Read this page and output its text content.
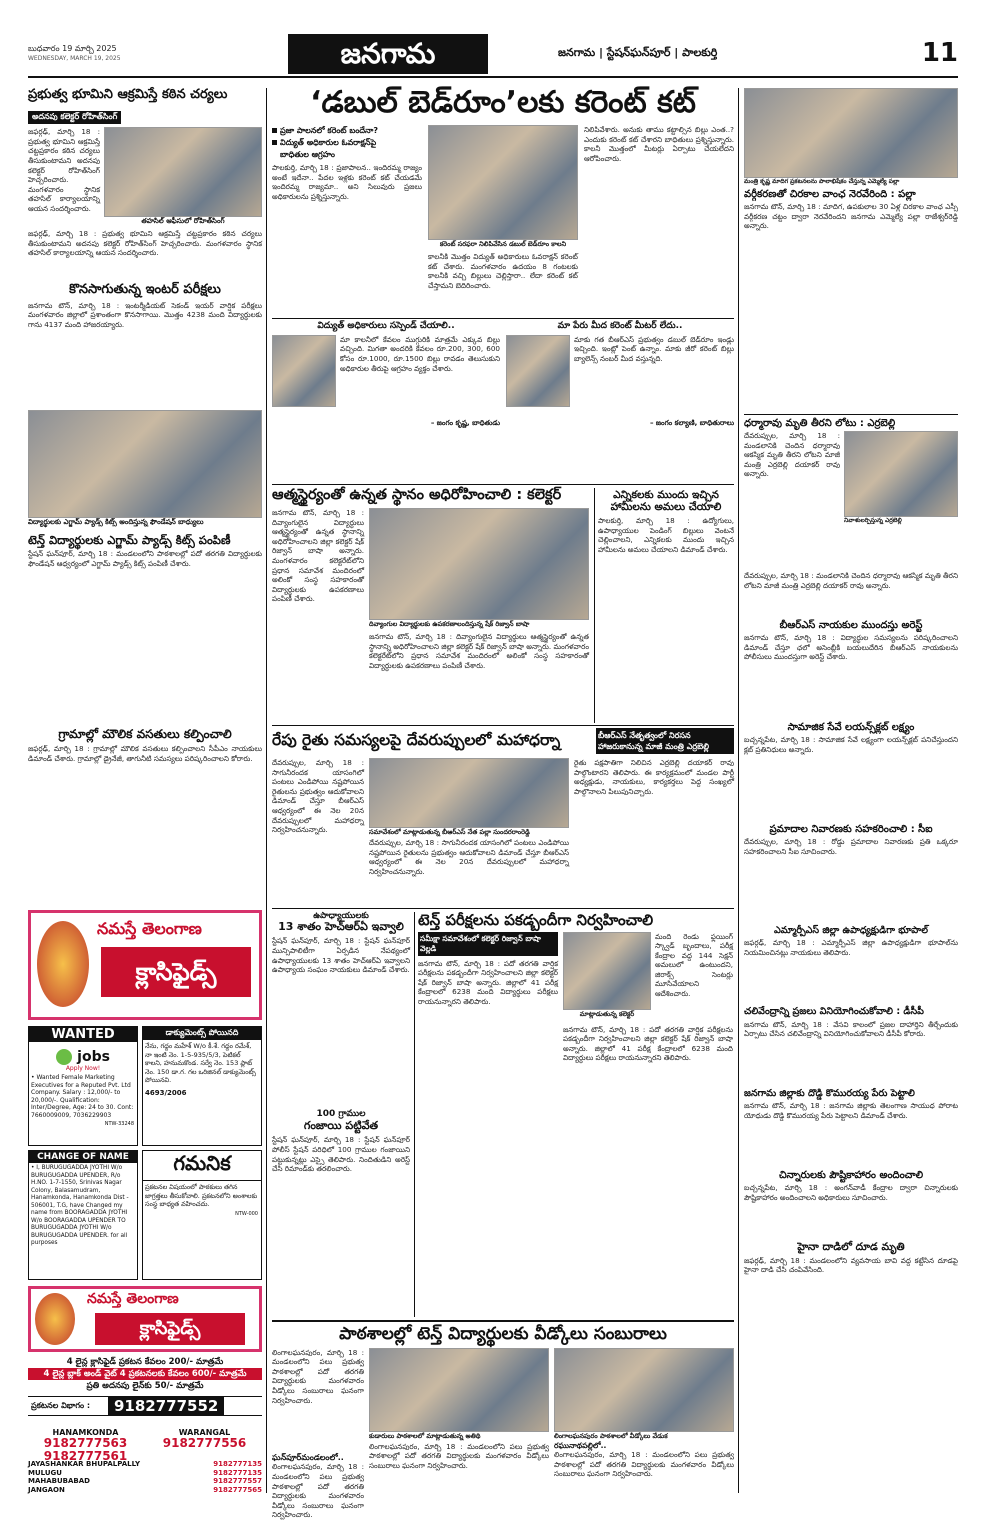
బుధవారం 19 మార్చి 2025
WEDNESDAY, MARCH 19, 2025	జనగామ	జనగామ | స్టేషన్‌ఘన్‌పూర్ | పాలకుర్తి	11
ప్రభుత్వ భూమిని ఆక్రమిస్తే కఠిన చర్యలు
అదనపు కలెక్టర్ రోహిత్‌సింగ్
జఫర్గఢ్, మార్చి 18 : ప్రభుత్వ భూమిని ఆక్రమిస్తే చట్టప్రకారం కఠిన చర్యలు తీసుకుంటామని అదనపు కలెక్టర్ రోహిత్‌సింగ్ హెచ్చరించారు. మంగళవారం స్థానిక తహసిల్ కార్యాలయాన్ని ఆయన సందర్శించారు.
తహసిల్ ఆఫీసులో రోహిత్‌సింగ్
జఫర్గఢ్, మార్చి 18 : ప్రభుత్వ భూమిని ఆక్రమిస్తే చట్టప్రకారం కఠిన చర్యలు తీసుకుంటామని అదనపు కలెక్టర్ రోహిత్‌సింగ్ హెచ్చరించారు. మంగళవారం స్థానిక తహసిల్ కార్యాలయాన్ని ఆయన సందర్శించారు.
కొనసాగుతున్న ఇంటర్ పరీక్షలు
జనగామ టౌన్, మార్చి 18 : ఇంటర్మీడియట్ సెకండ్ ఇయర్ వార్షిక పరీక్షలు మంగళవారం జిల్లాలో ప్రశాంతంగా కొనసాగాయి. మొత్తం 4238 మంది విద్యార్థులకు గాను 4137 మంది హాజరయ్యారు.
విద్యార్థులకు ఎగ్జామ్ ప్యాడ్స్ కిట్స్ అందిస్తున్న ఫౌండేషన్ బాధ్యులు
టెన్త్ విద్యార్థులకు ఎగ్జామ్ ప్యాడ్స్ కిట్స్ పంపిణీ
స్టేషన్ ఘన్‌పూర్, మార్చి 18 : మండలంలోని పాఠశాలల్లో పదో తరగతి విద్యార్థులకు ఫౌండేషన్ ఆధ్వర్యంలో ఎగ్జామ్ ప్యాడ్స్ కిట్స్ పంపిణీ చేశారు.
గ్రామాల్లో మౌలిక వసతులు కల్పించాలి
జఫర్గఢ్, మార్చి 18 : గ్రామాల్లో మౌలిక వసతులు కల్పించాలని సీపీఎం నాయకులు డిమాండ్ చేశారు. గ్రామాల్లో డ్రైనేజీ, తాగునీటి సమస్యలు పరిష్కరించాలని కోరారు.
నమస్తే తెలంగాణ
క్లాసిఫైడ్స్
WANTED
jobs
Apply Now!
• Wanted Female Marketing Executives for a Reputed Pvt. Ltd Company. Salary : 12,000/- to 20,000/-. Qualification: Inter/Degree, Age: 24 to 30. Cont: 7660009009, 7036229903
NTW-33248
డాక్యుమెంట్స్ పోయినది
నేను, గద్దం మహేశ్ W/o కీ.శే. గద్దం రమేశ్, నా ఇంటి నెం. 1-5-935/5/3, పెటికల్ కాలని, హనుమకొండ. సర్వే నెం. 153 ప్లాట్ నెం. 150 డా.గ. గల ఒరిజినల్ డాక్యుమెంట్స్ పోయినవి.
4693/2006
CHANGE OF NAME
• I, BURUGUGADDA JYOTHI W/o BURUGUGADDA UPENDER, R/o H.NO. 1-7-1550, Srinivas Nagar Colony, Balasamudram, Hanamkonda, Hanamkonda Dist - 506001, T.G, have Changed my name from BOORAGADDA JYOTHI W/o BOORAGADDA UPENDER TO BURUGUGADDA JYOTHI W/o BURUGUGADDA UPENDER. for all purposes
గమనిక
ప్రకటనల విషయంలో పాఠకులు తగిన జాగ్రత్తలు తీసుకోవాలి. ప్రకటనలోని అంశాలకు సంస్థ బాధ్యత వహించదు.
NTW-000
నమస్తే తెలంగాణ
క్లాసిఫైడ్స్
4 లైన్ల క్లాసిఫైడ్ ప్రకటన కేవలం 200/- మాత్రమే
4 లైన్ల బ్లాక్ అండ్ వైట్ 4 ప్రకటనలకు కేవలం 600/- మాత్రమే
ప్రతి అదనపు లైన్‌కు 50/- మాత్రమే
ప్రకటనల విభాగం :	9182777552
HANAMKONDA
9182777563
9182777561
WARANGAL
9182777556
JAYASHANKAR BHUPALPALLY	9182777135
MULUGU	9182777135
MAHABUBABAD	9182777557
JANGAON	9182777565
‘డబుల్ బెడ్‌రూం’లకు కరెంట్ కట్
ప్రజా పాలనలో కరెంట్ బందేనా?
విద్యుత్ అధికారుల ఓవరాక్షన్‌పై
బాధితుల ఆగ్రహం
పాలకుర్తి, మార్చి 18 : ప్రజాపాలన.. ఇందిరమ్మ రాజ్యం అంటే ఇదేనా.. పేదల ఇళ్లకు కరెంట్ కట్ చేయడమే ఇందిరమ్మ రాజ్యమా.. అని సిలువురు ప్రజలు అధికారులను ప్రశ్నిస్తున్నారు.
కరెంట్ సరఫరా నిలిపివేసిన డబుల్ బెడ్‌రూం కాలని
కాలనీకి మొత్తం విద్యుత్ అధికారులు ఓవరాక్షన్ కరెంట్ కట్ చేశారు. మంగళవారం ఉదయం 8 గంటలకు కాలనీకి వచ్చి బిల్లులు చెల్లిస్తారా.. లేదా కరెంట్ కట్ చేస్తామని బెదిరించారు.
నిలిపివేశారు. అనుకు తాము కట్టాల్సిన బిల్లు ఎంత..? ఎందుకు కరెంట్ కట్ చేశారని బాధితులు ప్రశ్నిస్తున్నారు. కాలనీ మొత్తంలో మీటర్లు ఏర్పాటు చేయలేదని ఆరోపించారు.
విద్యుత్ అధికారులు సస్పెండ్ చేయాలి..
మా కాలనీలో కేవలం ముగ్గురికి మాత్రమే ఎక్కువ బిల్లు వచ్చింది. మిగతా అందరికి కేవలం రూ.200, 300, 600 కోసం రూ.1000, రూ.1500 బిల్లు రావడం తెలుసుకుని అధికారుల తీరుపై ఆగ్రహం వ్యక్తం చేశారు.
– జంగం కృష్ణ, బాధితుడు
మా పేరు మీద కరెంట్ మీటర్ లేదు..
మాకు గత బీఆర్ఎస్ ప్రభుత్వం డబుల్ బెడ్‌రూం ఇండ్లు ఇచ్చింది. ఇంట్లో పెంట్ ఉన్నాం. మాకు జీరో కరెంట్ బిల్లు బ్యాలెన్స్ నంబర్ మీద వస్తున్నది.
– జంగం కల్యాణి, బాధితురాలు
ఆత్మస్థైర్యంతో ఉన్నత స్థానం అధిరోహించాలి : కలెక్టర్
జనగామ టౌన్, మార్చి 18 : దివ్యాంగులైన విద్యార్థులు ఆత్మస్థైర్యంతో ఉన్నత స్థానాన్ని అధిరోహించాలని జిల్లా కలెక్టర్ షేక్ రిజ్వాన్ బాషా అన్నారు. మంగళవారం కలెక్టరేట్‌లోని ప్రధాన సమావేశ మందిరంలో అలింకో సంస్థ సహకారంతో విద్యార్థులకు ఉపకరణాలు పంపిణీ చేశారు.
దివ్యాంగుల విద్యార్థులకు ఉపకరణాలందిస్తున్న షేక్ రిజ్వాన్ బాషా
జనగామ టౌన్, మార్చి 18 : దివ్యాంగులైన విద్యార్థులు ఆత్మస్థైర్యంతో ఉన్నత స్థానాన్ని అధిరోహించాలని జిల్లా కలెక్టర్ షేక్ రిజ్వాన్ బాషా అన్నారు. మంగళవారం కలెక్టరేట్‌లోని ప్రధాన సమావేశ మందిరంలో అలింకో సంస్థ సహకారంతో విద్యార్థులకు ఉపకరణాలు పంపిణీ చేశారు.
ఎన్నికలకు ముందు ఇచ్చిన హామీలను అమలు చేయాలి
పాలకుర్తి, మార్చి 18 : ఉద్యోగులు, ఉపాధ్యాయుల పెండింగ్ బిల్లులు వెంటనే చెల్లించాలని, ఎన్నికలకు ముందు ఇచ్చిన హామీలను అమలు చేయాలని డిమాండ్ చేశారు.
రేపు రైతు సమస్యలపై దేవరుప్పులలో మహాధర్నా	బీఆర్ఎస్ నేతృత్వంలో నిరసన హాజరుకానున్న మాజీ మంత్రి ఎర్రబెల్లి
దేవరుప్పుల, మార్చి 18 : సాగునీరందక యాసంగిలో పంటలు ఎండిపోయి నష్టపోయిన రైతులను ప్రభుత్వం ఆదుకోవాలని డిమాండ్ చేస్తూ బీఆర్ఎస్ ఆధ్వర్యంలో ఈ నెల 20న దేవరుప్పులలో మహాధర్నా నిర్వహించనున్నారు.	సమావేశంలో మాట్లాడుతున్న బీఆర్ఎస్ నేత పల్లా సుందరరాంరెడ్డి
దేవరుప్పుల, మార్చి 18 : సాగునీరందక యాసంగిలో పంటలు ఎండిపోయి నష్టపోయిన రైతులను ప్రభుత్వం ఆదుకోవాలని డిమాండ్ చేస్తూ బీఆర్ఎస్ ఆధ్వర్యంలో ఈ నెల 20న దేవరుప్పులలో మహాధర్నా నిర్వహించనున్నారు.
రైతు పక్షపాతిగా నిలిచిన ఎర్రబెల్లి దయాకర్ రావు పాల్గొంటారని తెలిపారు. ఈ కార్యక్రమంలో మండల పార్టీ అధ్యక్షుడు, నాయకులు, కార్యకర్తలు పెద్ద సంఖ్యలో పాల్గొనాలని పిలుపునిచ్చారు.
ఉపాధ్యాయులకు
13 శాతం హెచ్‌ఆర్‌ఏ ఇవ్వాలి
స్టేషన్ ఘన్‌పూర్, మార్చి 18 : స్టేషన్ ఘన్‌పూర్ మున్సిపాలిటీగా ఏర్పడిన నేపథ్యంలో ఉపాధ్యాయులకు 13 శాతం హెచ్‌ఆర్‌ఏ ఇవ్వాలని ఉపాధ్యాయ సంఘం నాయకులు డిమాండ్ చేశారు.
100 గ్రాముల
గంజాయి పట్టివేత
స్టేషన్ ఘన్‌పూర్, మార్చి 18 : స్టేషన్ ఘన్‌పూర్ పోలీస్ స్టేషన్ పరిధిలో 100 గ్రాముల గంజాయిని పట్టుకున్నట్లు ఎస్సై తెలిపారు. నిందితుడిని అరెస్ట్ చేసి రిమాండ్‌కు తరలించారు.
టెన్త్ పరీక్షలను పకడ్బందీగా నిర్వహించాలి
సమీక్షా సమావేశంలో కలెక్టర్ రిజ్వాన్ బాషా వెల్లడి
జనగామ టౌన్, మార్చి 18 : పదో తరగతి వార్షిక పరీక్షలను పకడ్బందీగా నిర్వహించాలని జిల్లా కలెక్టర్ షేక్ రిజ్వాన్ బాషా అన్నారు. జిల్లాలో 41 పరీక్ష కేంద్రాలలో 6238 మంది విద్యార్థులు పరీక్షలు రాయనున్నారని తెలిపారు.
మాట్లాడుతున్న కలెక్టర్
మంది రెండు ఫ్లయింగ్ స్క్వాడ్ బృందాలు, పరీక్ష కేంద్రాల వద్ద 144 సెక్షన్ అమలులో ఉంటుందని, జిరాక్స్ సెంటర్లు మూసివేయాలని ఆదేశించారు.
జనగామ టౌన్, మార్చి 18 : పదో తరగతి వార్షిక పరీక్షలను పకడ్బందీగా నిర్వహించాలని జిల్లా కలెక్టర్ షేక్ రిజ్వాన్ బాషా అన్నారు. జిల్లాలో 41 పరీక్ష కేంద్రాలలో 6238 మంది విద్యార్థులు పరీక్షలు రాయనున్నారని తెలిపారు.
పాఠశాలల్లో టెన్త్ విద్యార్థులకు వీడ్కోలు సంబురాలు
లింగాలఘనపురం, మార్చి 18 : మండలంలోని పలు ప్రభుత్వ పాఠశాలల్లో పదో తరగతి విద్యార్థులకు మంగళవారం వీడ్కోలు సంబురాలు ఘనంగా నిర్వహించారు.
ఘన్‌పూర్‌మండలంలో..
లింగాలఘనపురం, మార్చి 18 : మండలంలోని పలు ప్రభుత్వ పాఠశాలల్లో పదో తరగతి విద్యార్థులకు మంగళవారం వీడ్కోలు సంబురాలు ఘనంగా నిర్వహించారు.
కుడారులు పాఠశాలలో మాట్లాడుతున్న అతిథి
లింగాలఘనపురం, మార్చి 18 : మండలంలోని పలు ప్రభుత్వ పాఠశాలల్లో పదో తరగతి విద్యార్థులకు మంగళవారం వీడ్కోలు సంబురాలు ఘనంగా నిర్వహించారు.
లింగాలఘనపురం పాఠశాలలో వీడ్కోలు వేడుక
రఘునాథపల్లిలో..
లింగాలఘనపురం, మార్చి 18 : మండలంలోని పలు ప్రభుత్వ పాఠశాలల్లో పదో తరగతి విద్యార్థులకు మంగళవారం వీడ్కోలు సంబురాలు ఘనంగా నిర్వహించారు.
మంత్రి కృష్ణ మాదిగ ప్రకటనలను పాలాభిషేకం చేస్తున్న ఎమ్మెల్యే పల్లా
వర్గీకరణతో చిరకాల వాంఛ నెరవేరింది : పల్లా
జనగామ టౌన్, మార్చి 18 : మాదిగ, ఉపకులాల 30 ఏళ్ల చిరకాల వాంఛ ఎస్సీ వర్గీకరణ చట్టం ద్వారా నెరవేరిందని జనగామ ఎమ్మెల్యే పల్లా రాజేశ్వర్‌రెడ్డి అన్నారు.
ధర్మారావు మృతి తీరని లోటు : ఎర్రబెల్లి
దేవరుప్పుల, మార్చి 18 : మండలానికి చెందిన ధర్మారావు ఆకస్మిక మృతి తీరని లోటని మాజీ మంత్రి ఎర్రబెల్లి దయాకర్ రావు అన్నారు.
నివాళులర్పిస్తున్న ఎర్రబెల్లి
దేవరుప్పుల, మార్చి 18 : మండలానికి చెందిన ధర్మారావు ఆకస్మిక మృతి తీరని లోటని మాజీ మంత్రి ఎర్రబెల్లి దయాకర్ రావు అన్నారు.
బీఆర్ఎస్ నాయకుల ముందస్తు అరెస్ట్
జనగామ టౌన్, మార్చి 18 : విద్యార్థుల సమస్యలను పరిష్కరించాలని డిమాండ్ చేస్తూ ఛలో అసెంబ్లీకి బయలుదేరిన బీఆర్ఎస్ నాయకులను పోలీసులు ముందస్తుగా అరెస్ట్ చేశారు.
సామాజిక సేవే లయన్స్‌క్లబ్ లక్ష్యం
బచ్చన్నపేట, మార్చి 18 : సామాజిక సేవే లక్ష్యంగా లయన్స్‌క్లబ్ పనిచేస్తుందని క్లబ్ ప్రతినిధులు అన్నారు.
ప్రమాదాల నివారణకు సహకరించాలి : సీఐ
దేవరుప్పుల, మార్చి 18 : రోడ్డు ప్రమాదాల నివారణకు ప్రతి ఒక్కరూ సహకరించాలని సీఐ సూచించారు.
ఎమ్మార్పీఎస్ జిల్లా ఉపాధ్యక్షుడిగా భూపాల్
జఫర్గఢ్, మార్చి 18 : ఎమ్మార్పీఎస్ జిల్లా ఉపాధ్యక్షుడిగా భూపాల్‌ను నియమించినట్లు నాయకులు తెలిపారు.
చలివేంద్రాన్ని ప్రజలు వినియోగించుకోవాలి : డీసీపీ
జనగామ టౌన్, మార్చి 18 : వేసవి కాలంలో ప్రజల దాహార్తిని తీర్చేందుకు ఏర్పాటు చేసిన చలివేంద్రాన్ని వినియోగించుకోవాలని డీసీపీ కోరారు.
జనగామ జిల్లాకు దొడ్డి కొమురయ్య పేరు పెట్టాలి
జనగామ టౌన్, మార్చి 18 : జనగామ జిల్లాకు తెలంగాణ సాయుధ పోరాట యోధుడు దొడ్డి కొమురయ్య పేరు పెట్టాలని డిమాండ్ చేశారు.
చిన్నారులకు పౌష్టికాహారం అందించాలి
బచ్చన్నపేట, మార్చి 18 : అంగన్‌వాడీ కేంద్రాల ద్వారా చిన్నారులకు పౌష్టికాహారం అందించాలని అధికారులు సూచించారు.
హైనా దాడిలో దూడ మృతి
జఫర్గఢ్, మార్చి 18 : మండలంలోని వ్యవసాయ బావి వద్ద కట్టేసిన దూడపై హైనా దాడి చేసి చంపివేసింది.
